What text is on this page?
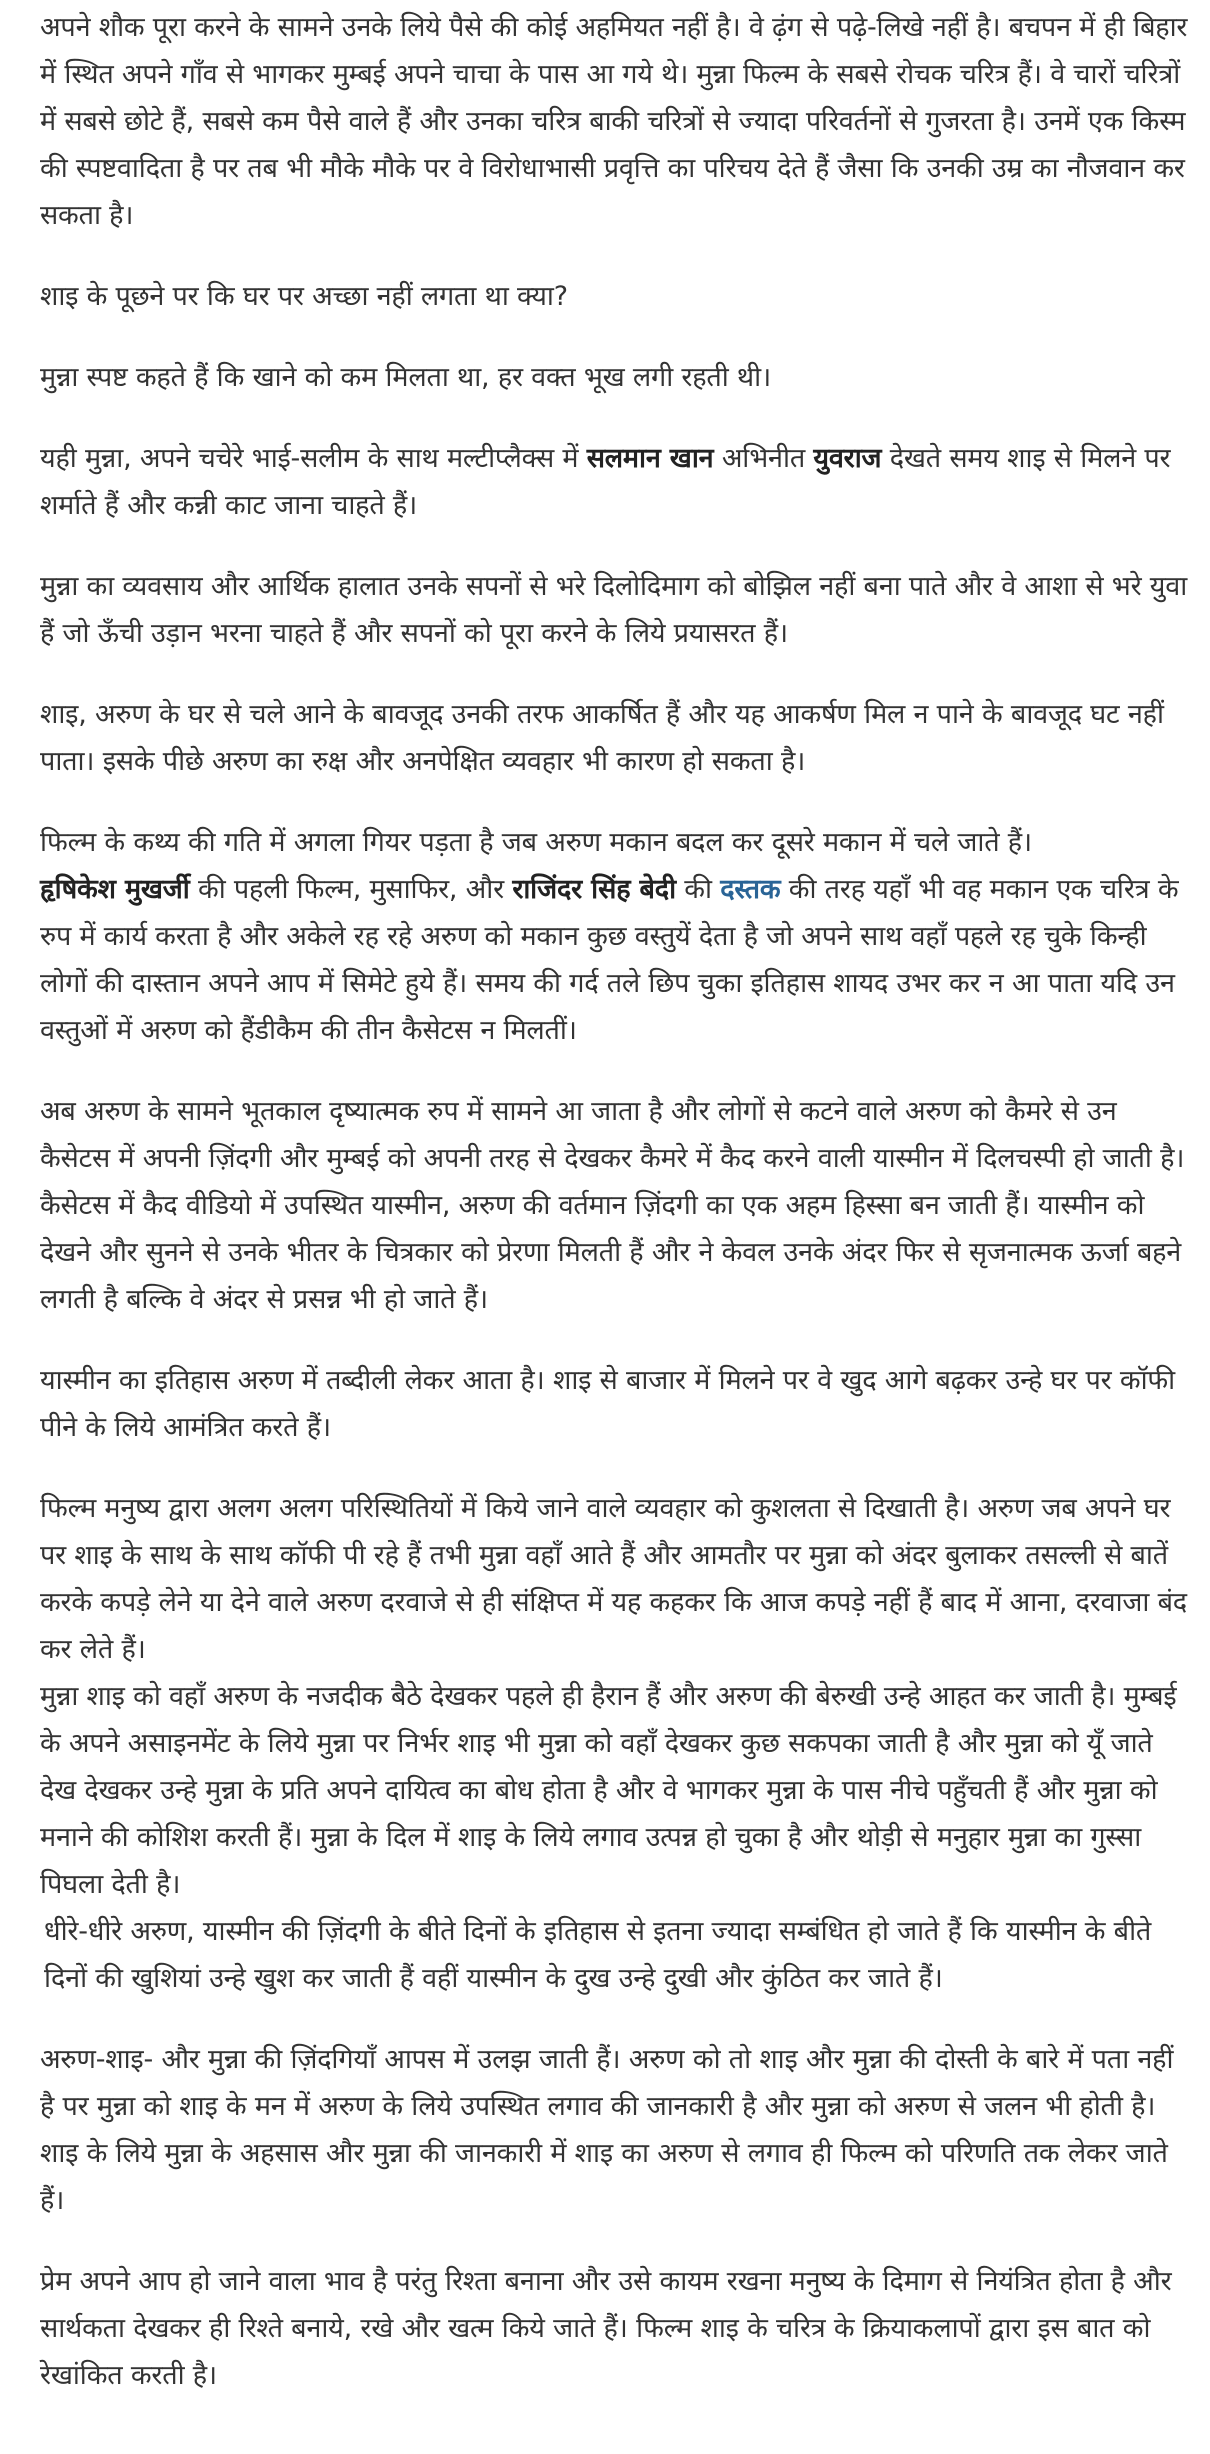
अपने शौक पूरा करने के सामने उनके लिये पैसे की कोई अहमियत नहीं है। वे ढ़ंग से पढ़े-लिखे नहीं है। बचपन में ही बिहार में स्थित अपने गाँव से भागकर मुम्बई अपने चाचा के पास आ गये थे। मुन्ना फिल्म के सबसे रोचक चरित्र हैं। वे चारों चरित्रों में सबसे छोटे हैं, सबसे कम पैसे वाले हैं और उनका चरित्र बाकी चरित्रों से ज्यादा परिवर्तनों से गुजरता है। उनमें एक किस्म की स्पष्टवादिता है पर तब भी मौके मौके पर वे विरोधाभासी प्रवृत्ति का परिचय देते हैं जैसा कि उनकी उम्र का नौजवान कर सकता है।

शाइ के पूछने पर कि घर पर अच्छा नहीं लगता था क्या?

मुन्ना स्पष्ट कहते हैं कि खाने को कम मिलता था, हर वक्त भूख लगी रहती थी।

यही मुन्ना, अपने चचेरे भाई-सलीम के साथ मल्टीप्लैक्स में सलमान खान अभिनीत युवराज देखते समय शाइ से मिलने पर शर्माते हैं और कन्नी काट जाना चाहते हैं।

मुन्ना का व्यवसाय और आर्थिक हालात उनके सपनों से भरे दिलोदिमाग को बोझिल नहीं बना पाते और वे आशा से भरे युवा हैं जो ऊँची उड़ान भरना चाहते हैं और सपनों को पूरा करने के लिये प्रयासरत हैं।

शाइ, अरुण के घर से चले आने के बावजूद उनकी तरफ आकर्षित हैं और यह आकर्षण मिल न पाने के बावजूद घट नहीं पाता। इसके पीछे अरुण का रुक्ष और अनपेक्षित व्यवहार भी कारण हो सकता है।

फिल्म के कथ्य की गति में अगला गियर पड़ता है जब अरुण मकान बदल कर दूसरे मकान में चले जाते हैं।
हृषिकेश मुखर्जी की पहली फिल्म, मुसाफिर, और राजिंदर सिंह बेदी की दस्तक की तरह यहाँ भी वह मकान एक चरित्र के रुप में कार्य करता है और अकेले रह रहे अरुण को मकान कुछ वस्तुयें देता है जो अपने साथ वहाँ पहले रह चुके किन्ही लोगों की दास्तान अपने आप में सिमेटे हुये हैं। समय की गर्द तले छिप चुका इतिहास शायद उभर कर न आ पाता यदि उन वस्तुओं में अरुण को हैंडीकैम की तीन कैसेटस न मिलतीं।

अब अरुण के सामने भूतकाल दृष्यात्मक रुप में सामने आ जाता है और लोगों से कटने वाले अरुण को कैमरे से उन कैसेटस में अपनी ज़िंदगी और मुम्बई को अपनी तरह से देखकर कैमरे में कैद करने वाली यास्मीन में दिलचस्पी हो जाती है। कैसेटस में कैद वीडियो में उपस्थित यास्मीन, अरुण की वर्तमान ज़िंदगी का एक अहम हिस्सा बन जाती हैं। यास्मीन को देखने और सुनने से उनके भीतर के चित्रकार को प्रेरणा मिलती हैं और ने केवल उनके अंदर फिर से सृजनात्मक ऊर्जा बहने लगती है बल्कि वे अंदर से प्रसन्न भी हो जाते हैं।

यास्मीन का इतिहास अरुण में तब्दीली लेकर आता है। शाइ से बाजार में मिलने पर वे खुद आगे बढ़कर उन्हे घर पर कॉफी पीने के लिये आमंत्रित करते हैं।

फिल्म मनुष्य द्वारा अलग अलग परिस्थितियों में किये जाने वाले व्यवहार को कुशलता से दिखाती है। अरुण जब अपने घर पर शाइ के साथ के साथ कॉफी पी रहे हैं तभी मुन्ना वहाँ आते हैं और आमतौर पर मुन्ना को अंदर बुलाकर तसल्ली से बातें करके कपड़े लेने या देने वाले अरुण दरवाजे से ही संक्षिप्त में यह कहकर कि आज कपड़े नहीं हैं बाद में आना, दरवाजा बंद कर लेते हैं।

मुन्ना शाइ को वहाँ अरुण के नजदीक बैठे देखकर पहले ही हैरान हैं और अरुण की बेरुखी उन्हे आहत कर जाती है। मुम्बई के अपने असाइनमेंट के लिये मुन्ना पर निर्भर शाइ भी मुन्ना को वहाँ देखकर कुछ सकपका जाती है और मुन्ना को यूँ जाते देख देखकर उन्हे मुन्ना के प्रति अपने दायित्व का बोध होता है और वे भागकर मुन्ना के पास नीचे पहुँचती हैं और मुन्ना को मनाने की कोशिश करती हैं। मुन्ना के दिल में शाइ के लिये लगाव उत्पन्न हो चुका है और थोड़ी से मनुहार मुन्ना का गुस्सा पिघला देती है।

धीरे-धीरे अरुण, यास्मीन की ज़िंदगी के बीते दिनों के इतिहास से इतना ज्यादा सम्बंधित हो जाते हैं कि यास्मीन के बीते दिनों की खुशियां उन्हे खुश कर जाती हैं वहीं यास्मीन के दुख उन्हे दुखी और कुंठित कर जाते हैं।

अरुण-शाइ- और मुन्ना की ज़िंदगियाँ आपस में उलझ जाती हैं। अरुण को तो शाइ और मुन्ना की दोस्ती के बारे में पता नहीं है पर मुन्ना को शाइ के मन में अरुण के लिये उपस्थित लगाव की जानकारी है और मुन्ना को अरुण से जलन भी होती है। शाइ के लिये मुन्ना के अहसास और मुन्ना की जानकारी में शाइ का अरुण से लगाव ही फिल्म को परिणति तक लेकर जाते हैं।

प्रेम अपने आप हो जाने वाला भाव है परंतु रिश्ता बनाना और उसे कायम रखना मनुष्य के दिमाग से नियंत्रित होता है और सार्थकता देखकर ही रिश्ते बनाये, रखे और खत्म किये जाते हैं। फिल्म शाइ के चरित्र के क्रियाकलापों द्वारा इस बात को रेखांकित करती है।
